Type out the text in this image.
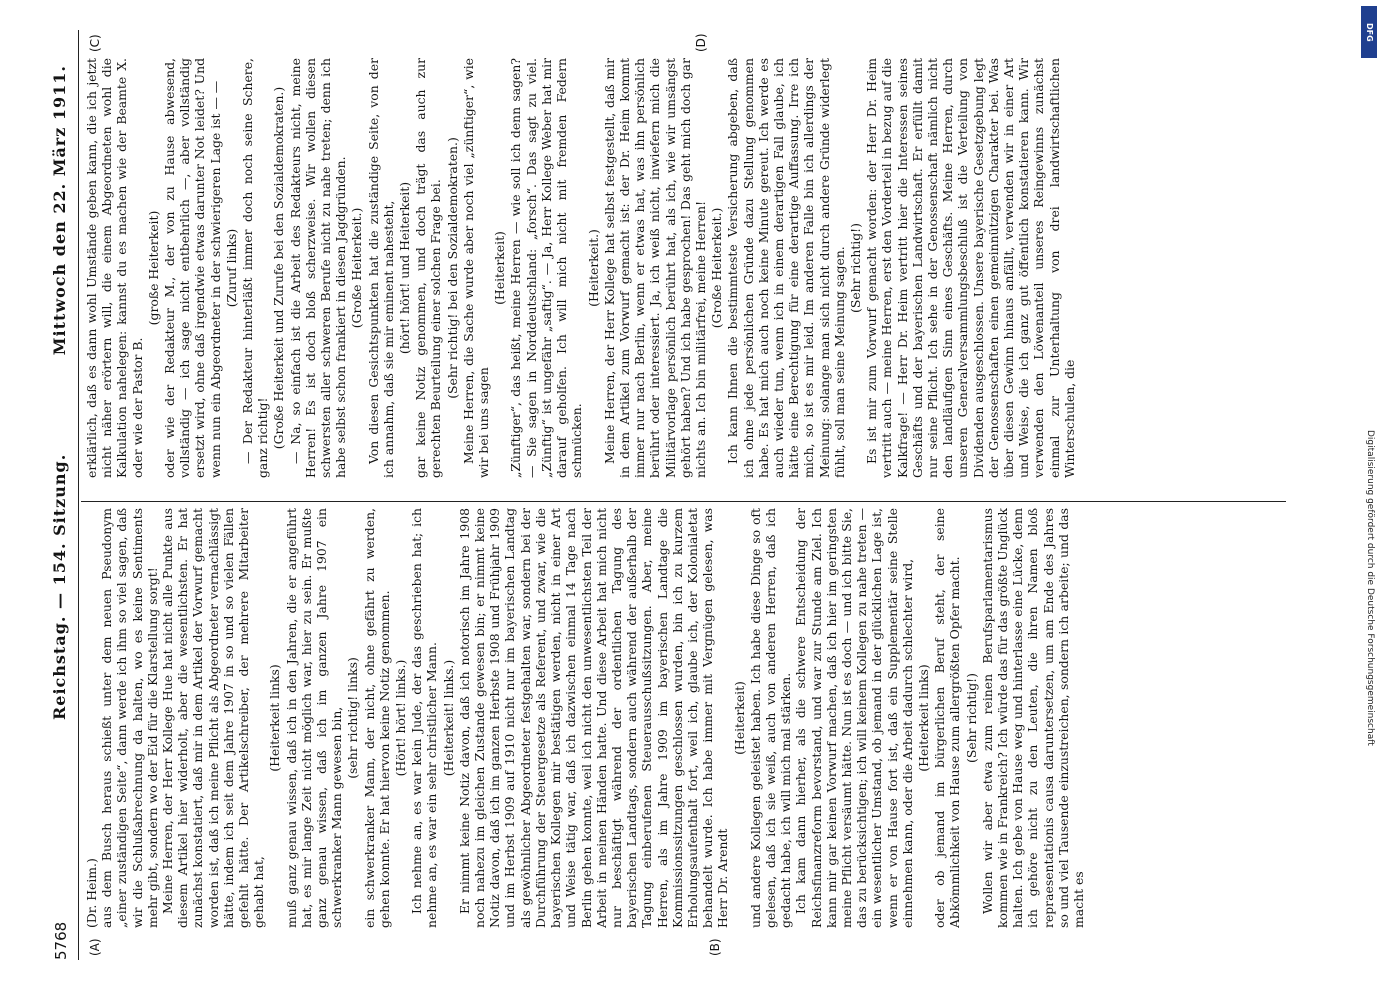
5768
Reichstag. — 154. Sitzung.
Mittwoch den 22. März 1911.
(A)	(B)
(C)	(D)

(Dr. Heim.) aus dem Busch heraus schießt unter dem neuen Pseudonym „einer zuständigen Seite“, dann werde ich ihm so viel sagen, daß wir die Schlußabrechnung da halten, wo es keine Sentiments mehr gibt, sondern wo der Eid für die Klarstellung sorgt! Meine Herren, der Herr Kollege Hue hat nicht alle Punkte aus diesem Artikel hier widerholt, aber die wesentlichsten. Er hat zunächst konstatiert, daß mir in dem Artikel der Vorwurf gemacht worden ist, daß ich meine Pflicht als Abgeordneter vernachlässigt hätte, indem ich seit dem Jahre 1907 in so und so vielen Fällen gefehlt hätte. Der Artikelschreiber, der mehrere Mitarbeiter gehabt hat,

(Heiterkeit links) muß ganz genau wissen, daß ich in den Jahren, die er angeführt hat, es mir lange Zeit nicht möglich war, hier zu sein. Er mußte ganz genau wissen, daß ich im ganzen Jahre 1907 ein schwerkranker Mann gewesen bin, (sehr richtig! links) ein schwerkranker Mann, der nicht, ohne gefährt zu werden, gehen konnte. Er hat hiervon keine Notiz genommen. (Hört! hört! links.) Ich nehme an, es war kein Jude, der das geschrieben hat; ich nehme an, es war ein sehr christlicher Mann. (Heiterkeit! links.) Er nimmt keine Notiz davon, daß ich notorisch im Jahre 1908 noch nahezu im gleichen Zustande gewesen bin; er nimmt keine Notiz davon, daß ich im ganzen Herbste 1908 und Frühjahr 1909 und im Herbst 1909 auf 1910 nicht nur im bayerischen Landtag als gewöhnlicher Abgeordneter festgehalten war, sondern bei der Durchführung der Steuergesetze als Referent, und zwar, wie die bayerischen Kollegen mir bestätigen werden, nicht in einer Art und Weise tätig war, daß ich dazwischen einmal 14 Tage nach Berlin gehen konnte, weil ich nicht den unwesentlichsten Teil der Arbeit in meinen Händen hatte. Und diese Arbeit hat mich nicht nur beschäftigt während der ordentlichen Tagung des bayerischen Landtags, sondern auch während der außerhalb der Tagung einberufenen Steuerausschußsitzungen. Aber, meine Herren, als im Jahre 1909 im bayerischen Landtage die Kommissionssitzungen geschlossen wurden, bin ich zu kurzem Erholungsaufenthalt fort, weil ich, glaube ich, der Kolonialetat behandelt wurde. Ich habe immer mit Vergnügen gelesen, was Herr Dr. Arendt

(Heiterkeit) und andere Kollegen geleistet haben. Ich habe diese Dinge so oft gelesen, daß ich sie weiß, auch von anderen Herren, daß ich gedacht habe, ich will mich mal stärken. Ich kam dann hierher, als die schwere Entscheidung der Reichsfinanzreform bevorstand, und war zur Stunde am Ziel. Ich kann mir gar keinen Vorwurf machen, daß ich hier im geringsten meine Pflicht versäumt hätte. Nun ist es doch — und ich bitte Sie, das zu berücksichtigen; ich will keinem Kollegen zu nahe treten — ein wesentlicher Umstand, ob jemand in der glücklichen Lage ist, wenn er von Hause fort ist, daß ein Supplementär seine Stelle einnehmen kann, oder die Arbeit dadurch schlechter wird, (Heiterkeit links) oder ob jemand im bürgerlichen Beruf steht, der seine Abkömmlichkeit von Hause zum allergrößten Opfer macht. (Sehr richtig!) Wollen wir aber etwa zum reinen Berufsparlamentarismus kommen wie in Frankreich? Ich würde das für das größte Unglück halten. Ich gebe von Hause weg und hinterlasse eine Lücke, denn ich gehöre nicht zu den Leuten, die ihren Namen bloß repraesentationis causa daruntersetzen, um am Ende des Jahres so und viel Tausende einzustreichen, sondern ich arbeite; und das macht es

erklärlich, daß es dann wohl Umstände geben kann, die ich jetzt nicht näher erörtern will, die einem Abgeordneten wohl die Kalkulation nahelegen: kannst du es machen wie der Beamte X. oder wie der Pastor B.

(große Heiterkeit) oder wie der Redakteur M., der von zu Hause abwesend, vollständig — ich sage nicht entbehrlich —, aber vollständig ersetzt wird, ohne daß irgendwie etwas darunter Not leidet? Und wenn nun ein Abgeordneter in der schwierigeren Lage ist — — (Zuruf links) — Der Redakteur hinterläßt immer doch noch seine Schere, ganz richtig! (Große Heiterkeit und Zurufe bei den Sozialdemokraten.) — Na, so einfach ist die Arbeit des Redakteurs nicht, meine Herren! Es ist doch bloß scherzweise. Wir wollen diesen schwersten aller schweren Berufe nicht zu nahe treten; denn ich habe selbst schon frankiert in diesen Jagdgründen. (Große Heiterkeit.) Von diesen Gesichtspunkten hat die zuständige Seite, von der ich annahm, daß sie mir eminent nahesteht, (hört! hört! und Heiterkeit) gar keine Notiz genommen, und doch trägt das auch zur gerechten Beurteilung einer solchen Frage bei. (Sehr richtig! bei den Sozialdemokraten.) Meine Herren, die Sache wurde aber noch viel „zünftiger“, wie wir bei uns sagen

(Heiterkeit) „Zünftiger“, das heißt, meine Herren — wie soll ich denn sagen? — Sie sagen in Norddeutschland: „forsch“. Das sagt zu viel. „Zünftig“ ist ungefähr „saftig“. — Ja, Herr Kollege Weber hat mir darauf geholfen. Ich will mich nicht mit fremden Federn schmücken.

(Heiterkeit.) Meine Herren, der Herr Kollege hat selbst festgestellt, daß mir in dem Artikel zum Vorwurf gemacht ist: der Dr. Heim kommt immer nur nach Berlin, wenn er etwas hat, was ihn persönlich berührt oder interessiert. Ja, ich weiß nicht, inwiefern mich die Militärvorlage persönlich berührt hat, als ich, wie wir umsängst gehört haben? Und ich habe gesprochen! Das geht mich doch gar nichts an. Ich bin militärfrei, meine Herren! (Große Heiterkeit.) Ich kann Ihnen die bestimmteste Versicherung abgeben, daß ich ohne jede persönlichen Gründe dazu Stellung genommen habe. Es hat mich auch noch keine Minute gereut. Ich werde es auch wieder tun, wenn ich in einem derartigen Fall glaube, ich hätte eine Berechtigung für eine derartige Auffassung. Irre ich mich, so ist es mir leid. Im anderen Falle bin ich allerdings der Meinung: solange man sich nicht durch andere Gründe widerlegt fühlt, soll man seine Meinung sagen. (Sehr richtig!) Es ist mir zum Vorwurf gemacht worden: der Herr Dr. Heim vertritt auch — meine Herren, erst den Vorderteil in bezug auf die Kalkfrage! — Herr Dr. Heim vertritt hier die Interessen seines Geschäfts und der bayerischen Landwirtschaft. Er erfüllt damit nur seine Pflicht. Ich sehe in der Genossenschaft nämlich nicht den landläufigen Sinn eines Geschäfts. Meine Herren, durch unseren Generalversammlungsbeschluß ist die Verteilung von Dividenden ausgeschlossen. Unsere bayerische Gesetzgebung legt der Genossenschaften einen gemeinnützigen Charakter bei. Was über diesen Gewinn hinaus anfällt, verwenden wir in einer Art und Weise, die ich ganz gut öffentlich konstatieren kann. Wir verwenden den Löwenanteil unseres Reingewinns zunächst einmal zur Unterhaltung von drei landwirtschaftlichen Winterschulen, die

Digitalisierung gefördert durch die Deutsche Forschungsgemeinschaft
DFG
